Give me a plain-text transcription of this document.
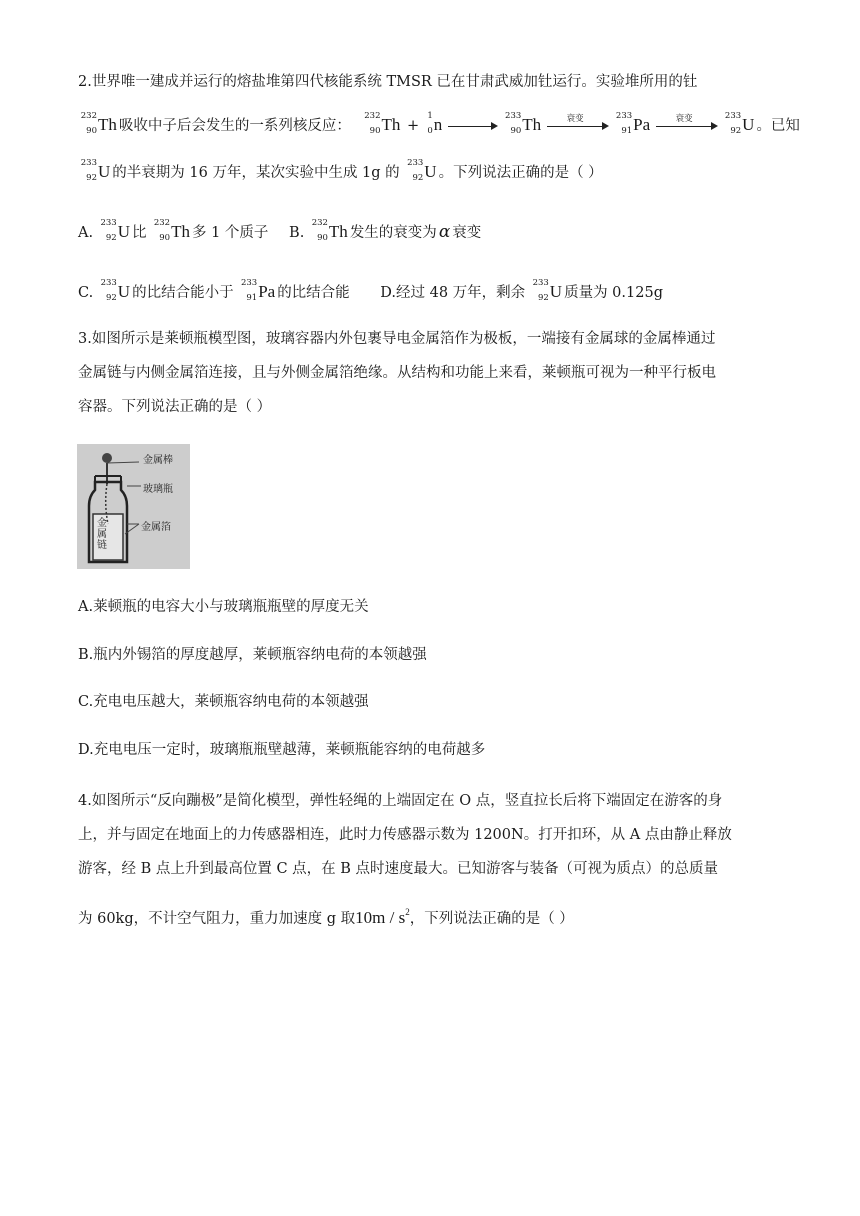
2.世界唯一建成并运行的熔盐堆第四代核能系统 TMSR 已在甘肃武威加钍运行。实验堆所用的钍
232
90 Th 吸收中子后会发生的一系列核反应：
232
90 Th +
1
0 n	233
90 Th	衰变	233
91 Pa	衰变	233
92 U 。已知
233
92 U 的半衰期为 16 万年，某次实验中生成 1g 的
233
92 U 。下列说法正确的是（ ）
A.
233
92 U 比
232
90 Th 多 1 个质子 B.
232
90 Th 发生的衰变为 α 衰变
C.
233
92 U 的比结合能小于
233
91 Pa 的比结合能 D.经过 48 万年，剩余
233
92 U 质量为 0.125g
3.如图所示是莱顿瓶模型图，玻璃容器内外包裹导电金属箔作为极板，一端接有金属球的金属棒通过
金属链与内侧金属箔连接，且与外侧金属箔绝缘。从结构和功能上来看，莱顿瓶可视为一种平行板电
容器。下列说法正确的是（ ）
金属棒
玻璃瓶
金属箔
金属链
A.莱顿瓶的电容大小与玻璃瓶瓶壁的厚度无关
B.瓶内外锡箔的厚度越厚，莱顿瓶容纳电荷的本领越强
C.充电电压越大，莱顿瓶容纳电荷的本领越强
D.充电电压一定时，玻璃瓶瓶壁越薄，莱顿瓶能容纳的电荷越多
4.如图所示“反向蹦极”是简化模型，弹性轻绳的上端固定在 O 点，竖直拉长后将下端固定在游客的身
上，并与固定在地面上的力传感器相连，此时力传感器示数为 1200N。打开扣环，从 A 点由静止释放
游客，经 B 点上升到最高位置 C 点，在 B 点时速度最大。已知游客与装备（可视为质点）的总质量
为 60kg，不计空气阻力，重力加速度 g 取$10m / s^2$，下列说法正确的是（ ）
